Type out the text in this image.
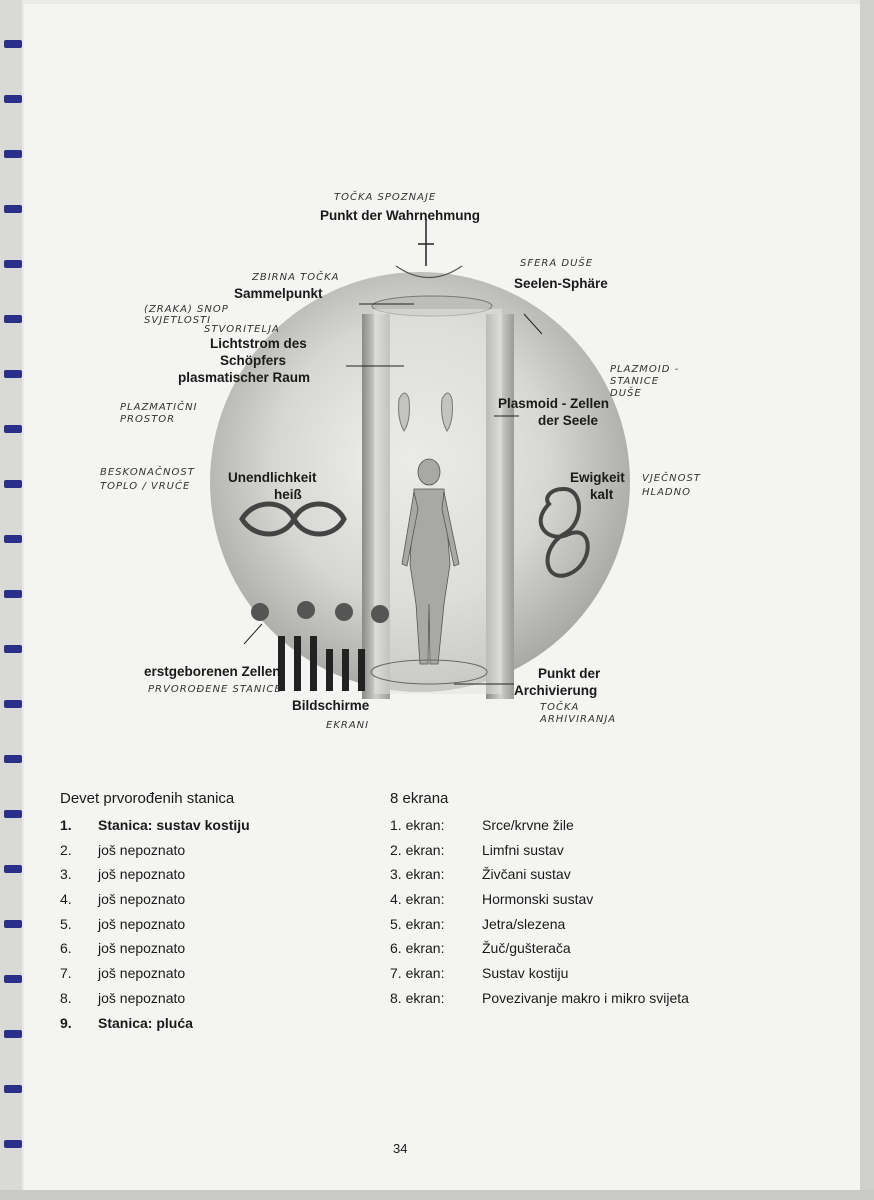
TOČKA SPOZNAJE
Punkt der Wahrnehmung
ZBIRNA TOČKA
Sammelpunkt
(ZRAKA) SNOP SVJETLOSTI
STVORITELJA
SFERA DUŠE
Seelen-Sphäre
Lichtstrom des
Schöpfers
plasmatischer Raum
PLAZMATIČNI PROSTOR
PLAZMOID - STANICE DUŠE
Plasmoid - Zellen
der Seele
BESKONAČNOST TOPLO / VRUĆE
Unendlichkeit
heiß
Ewigkeit
kalt
VJEČNOST HLADNO
erstgeborenen Zellen
PRVOROĐENE STANICE
Bildschirme
EKRANI
Punkt der
Archivierung
TOČKA ARHIVIRANJA
Devet prvorođenih stanica
1.	Stanica: sustav kostiju
2.	još nepoznato
3.	još nepoznato
4.	još nepoznato
5.	još nepoznato
6.	još nepoznato
7.	još nepoznato
8.	još nepoznato
9.	Stanica: pluća
8 ekrana
1. ekran:	Srce/krvne žile
2. ekran:	Limfni sustav
3. ekran:	Živčani sustav
4. ekran:	Hormonski sustav
5. ekran:	Jetra/slezena
6. ekran:	Žuč/gušterača
7. ekran:	Sustav kostiju
8. ekran:	Povezivanje makro i mikro svijeta
34
